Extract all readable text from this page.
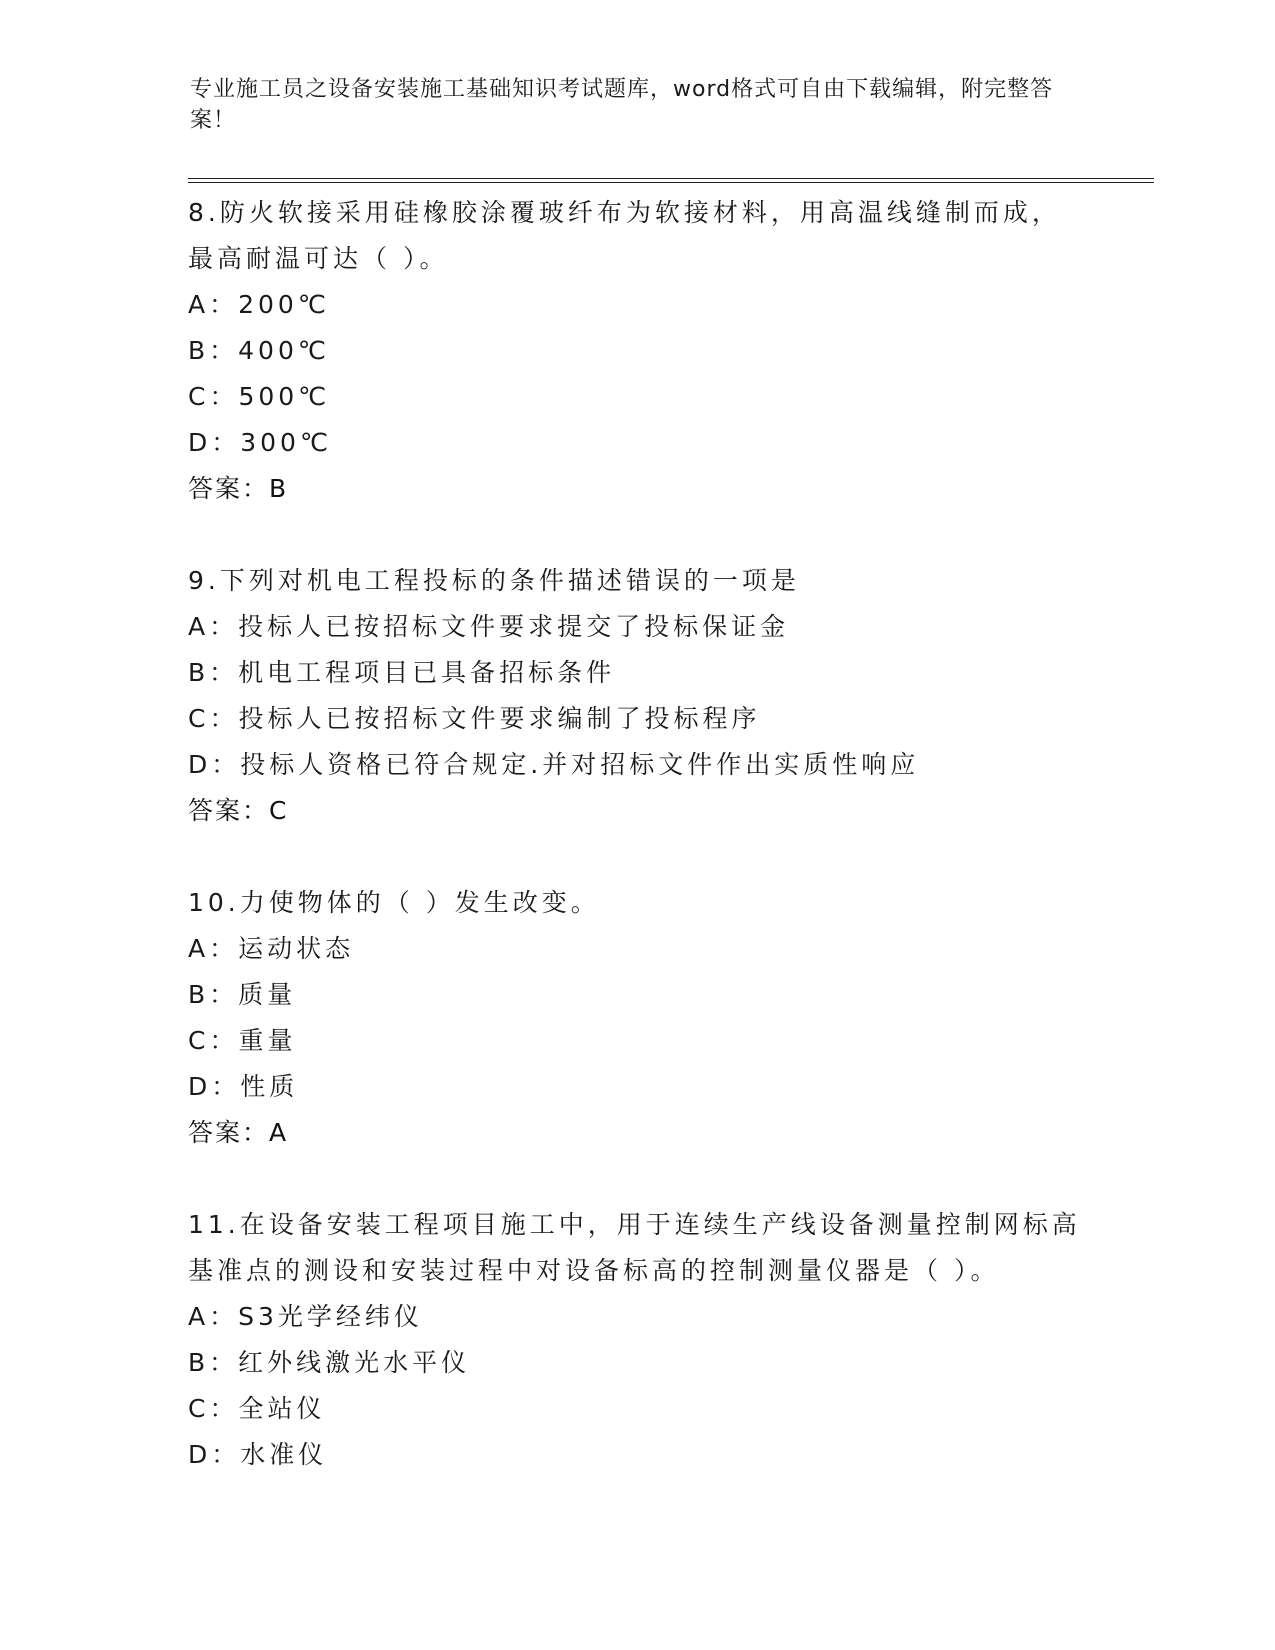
专业施工员之设备安装施工基础知识考试题库，word格式可自由下载编辑，附完整答案！

8.防火软接采用硅橡胶涂覆玻纤布为软接材料，用高温线缝制而成，

最高耐温可达（ ）。

A：200℃

B：400℃

C：500℃

D：300℃

答案：B

9.下列对机电工程投标的条件描述错误的一项是

A：投标人已按招标文件要求提交了投标保证金

B：机电工程项目已具备招标条件

C：投标人已按招标文件要求编制了投标程序

D：投标人资格已符合规定.并对招标文件作出实质性响应

答案：C

10.力使物体的（ ）发生改变。

A：运动状态

B：质量

C：重量

D：性质

答案：A

11.在设备安装工程项目施工中，用于连续生产线设备测量控制网标高

基准点的测设和安装过程中对设备标高的控制测量仪器是（ ）。

A：S3光学经纬仪

B：红外线激光水平仪

C：全站仪

D：水准仪
